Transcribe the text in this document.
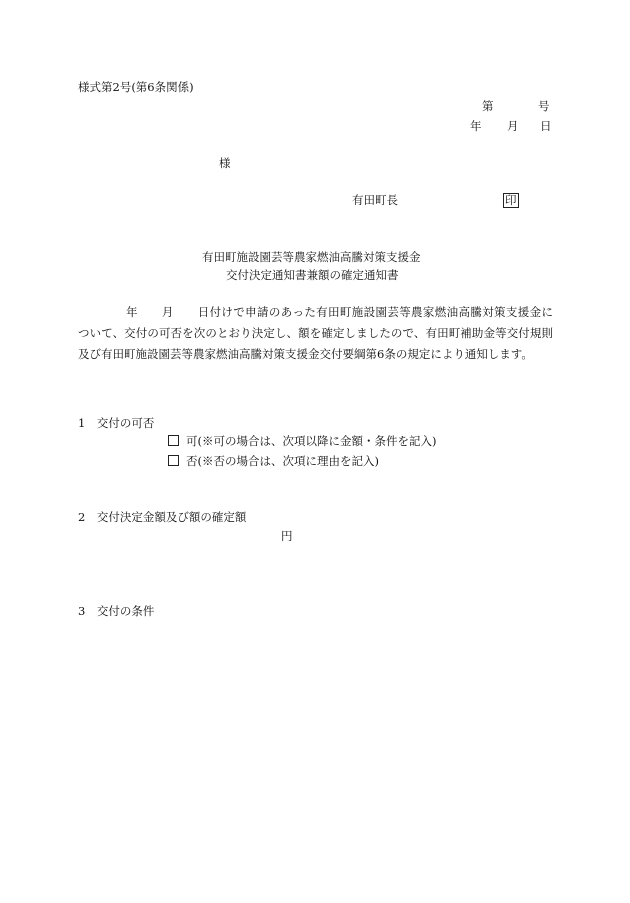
様式第2号(第6条関係)
第	号
年 月 日
様
有田町長	印
有田町施設園芸等農家燃油高騰対策支援金
交付決定通知書兼額の確定通知書
年 月 日付けで申請のあった有田町施設園芸等農家燃油高騰対策支援金について、交付の可否を次のとおり決定し、額を確定しましたので、有田町補助金等交付規則及び有田町施設園芸等農家燃油高騰対策支援金交付要綱第6条の規定により通知します。
1　交付の可否
可(※可の場合は、次項以降に金額・条件を記入)
否(※否の場合は、次項に理由を記入)
2　交付決定金額及び額の確定額
円
3　交付の条件
